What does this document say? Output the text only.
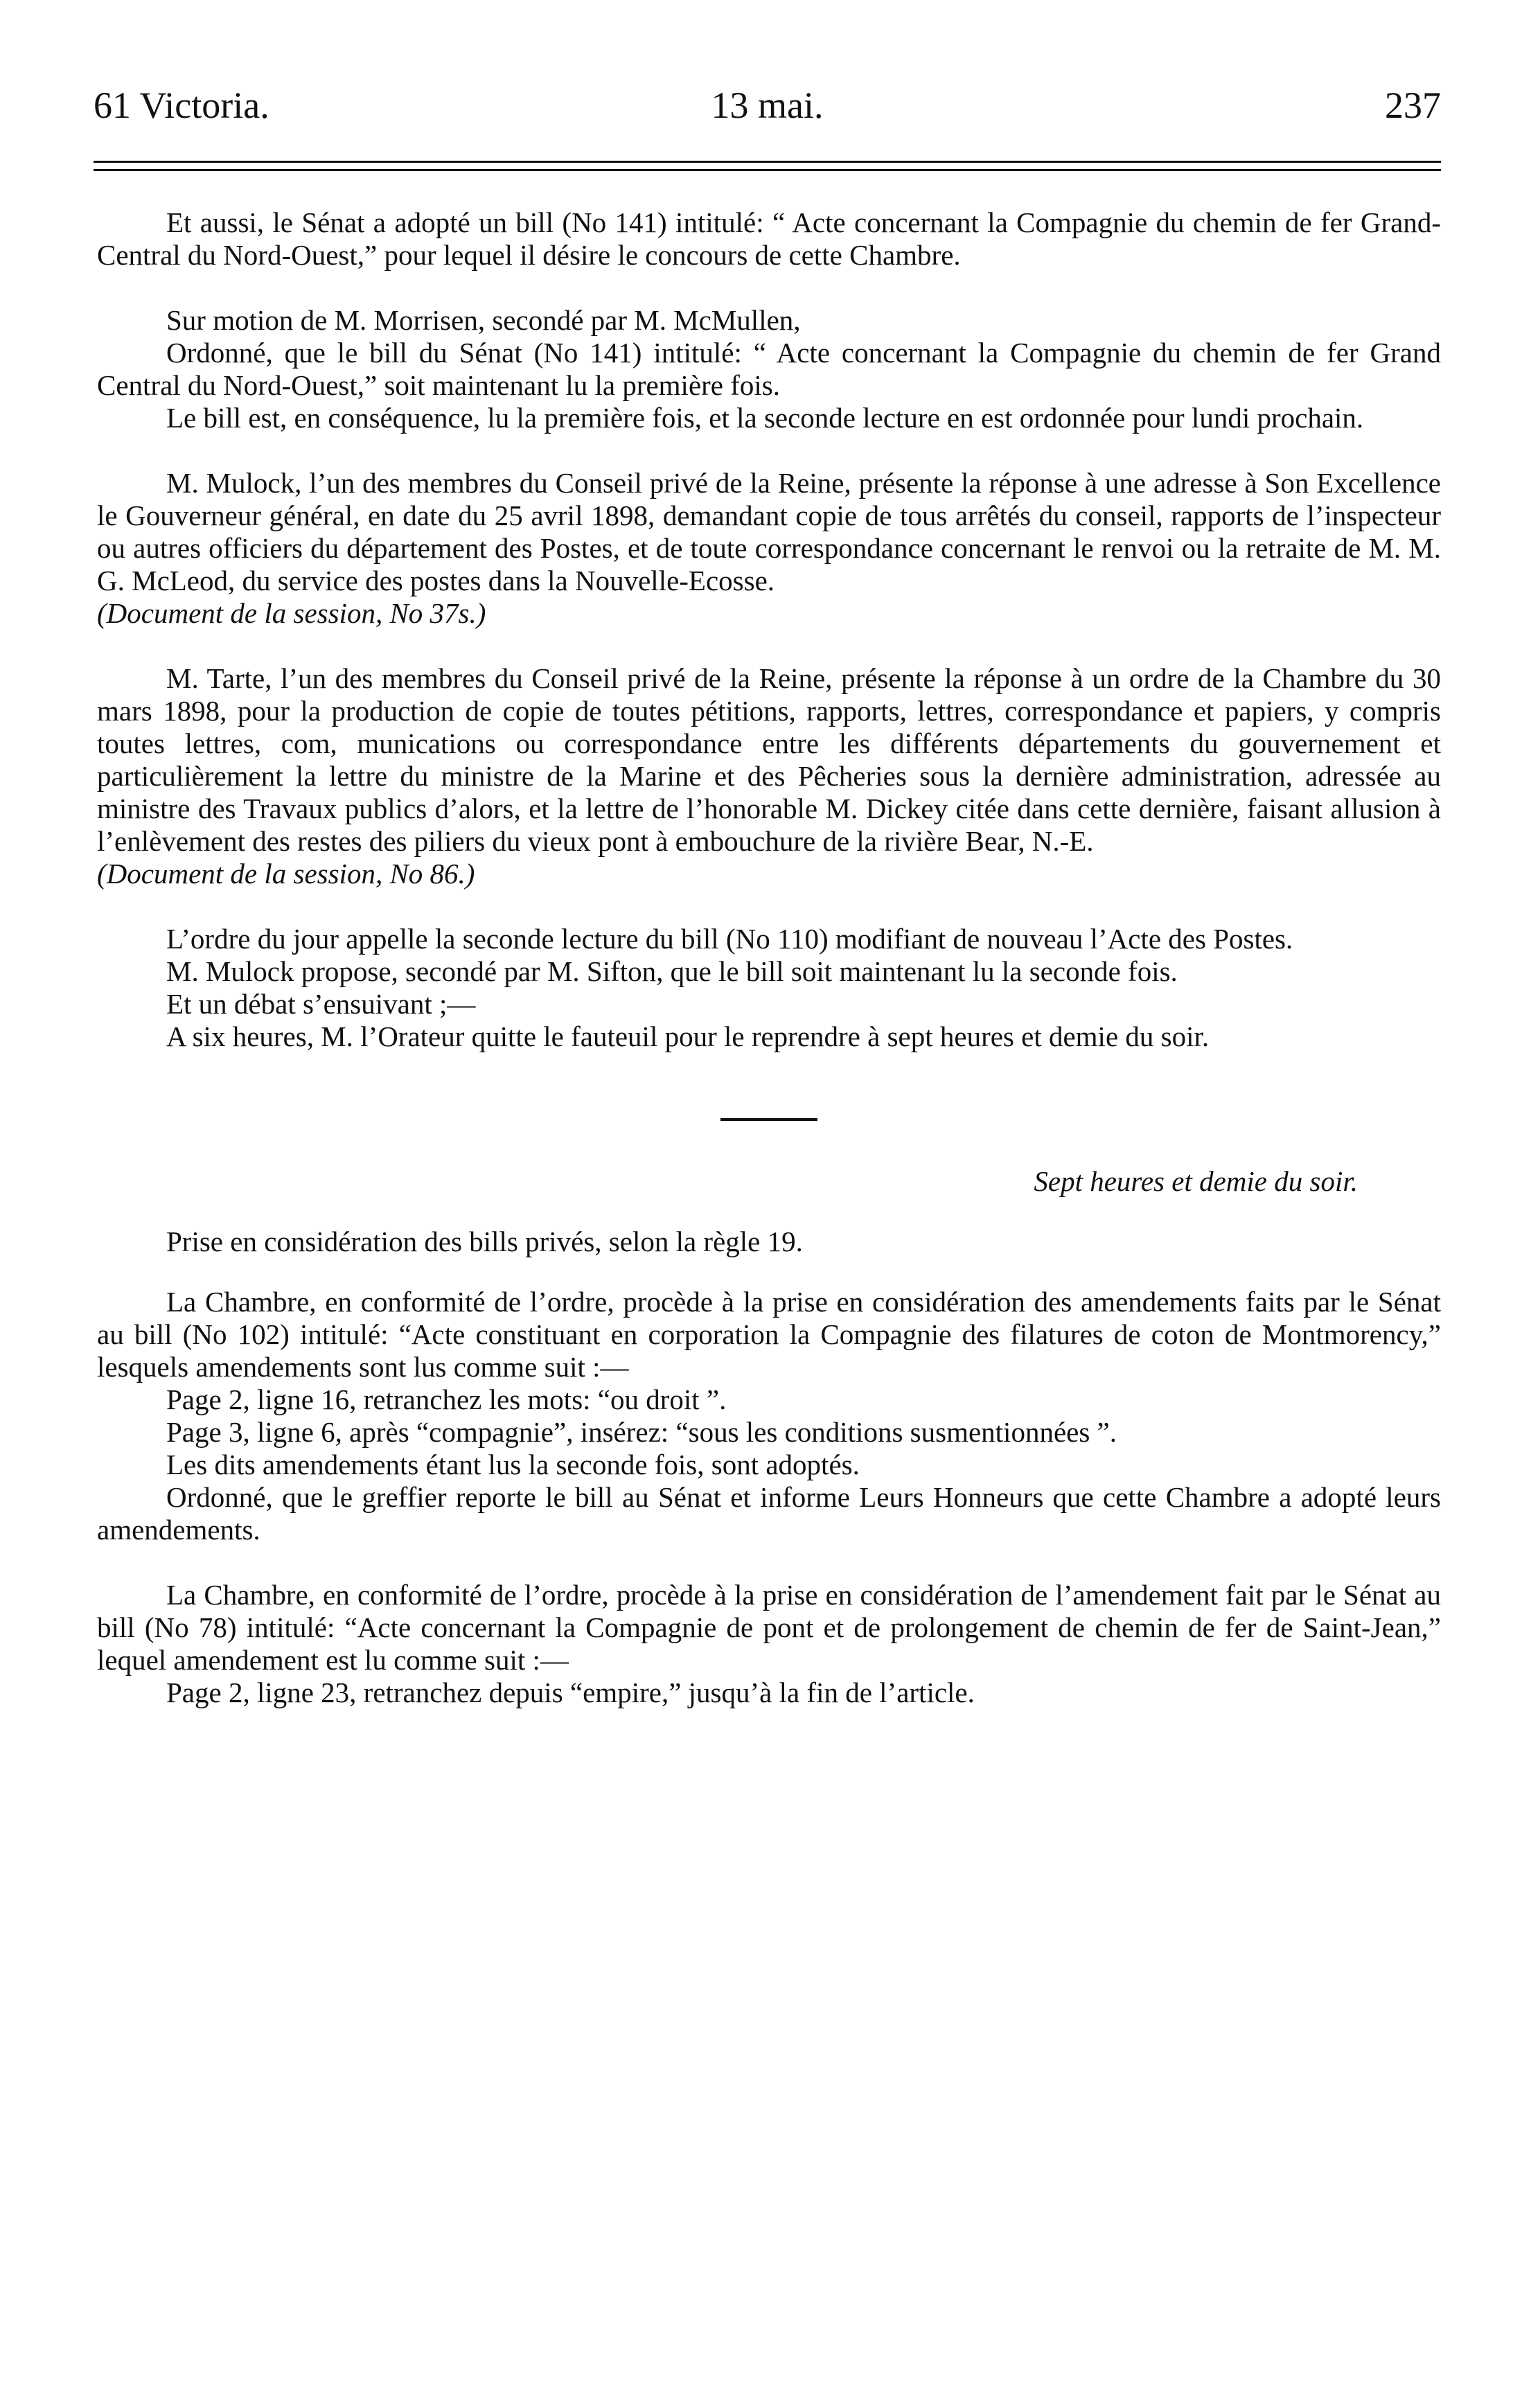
61 Victoria.	13 mai.	237

Et aussi, le Sénat a adopté un bill (No 141) intitulé: “ Acte concernant la Compagnie du chemin de fer Grand-Central du Nord-Ouest,” pour lequel il désire le concours de cette Chambre.

Sur motion de M. Morrisen, secondé par M. McMullen,

Ordonné, que le bill du Sénat (No 141) intitulé: “ Acte concernant la Compagnie du chemin de fer Grand Central du Nord-Ouest,” soit maintenant lu la première fois.

Le bill est, en conséquence, lu la première fois, et la seconde lecture en est ordonnée pour lundi prochain.

M. Mulock, l’un des membres du Conseil privé de la Reine, présente la réponse à une adresse à Son Excellence le Gouverneur général, en date du 25 avril 1898, demandant copie de tous arrêtés du conseil, rapports de l’inspecteur ou autres officiers du département des Postes, et de toute correspondance concernant le renvoi ou la retraite de M. M. G. McLeod, du service des postes dans la Nouvelle-Ecosse.

(Document de la session, No 37s.)

M. Tarte, l’un des membres du Conseil privé de la Reine, présente la réponse à un ordre de la Chambre du 30 mars 1898, pour la production de copie de toutes pétitions, rapports, lettres, correspondance et papiers, y compris toutes lettres, com, munications ou correspondance entre les différents départements du gouvernement et particulièrement la lettre du ministre de la Marine et des Pêcheries sous la dernière administration, adressée au ministre des Travaux publics d’alors, et la lettre de l’honorable M. Dickey citée dans cette dernière, faisant allusion à l’enlèvement des restes des piliers du vieux pont à embouchure de la rivière Bear, N.-E.

(Document de la session, No 86.)

L’ordre du jour appelle la seconde lecture du bill (No 110) modifiant de nouveau l’Acte des Postes.

M. Mulock propose, secondé par M. Sifton, que le bill soit maintenant lu la seconde fois.

Et un débat s’ensuivant ;—

A six heures, M. l’Orateur quitte le fauteuil pour le reprendre à sept heures et demie du soir.

Sept heures et demie du soir.

Prise en considération des bills privés, selon la règle 19.

La Chambre, en conformité de l’ordre, procède à la prise en considération des amendements faits par le Sénat au bill (No 102) intitulé: “Acte constituant en corporation la Compagnie des filatures de coton de Montmorency,” lesquels amendements sont lus comme suit :—

Page 2, ligne 16, retranchez les mots: “ou droit ”.

Page 3, ligne 6, après “compagnie”, insérez: “sous les conditions susmentionnées ”.

Les dits amendements étant lus la seconde fois, sont adoptés.

Ordonné, que le greffier reporte le bill au Sénat et informe Leurs Honneurs que cette Chambre a adopté leurs amendements.

La Chambre, en conformité de l’ordre, procède à la prise en considération de l’amendement fait par le Sénat au bill (No 78) intitulé: “Acte concernant la Compagnie de pont et de prolongement de chemin de fer de Saint-Jean,” lequel amendement est lu comme suit :—

Page 2, ligne 23, retranchez depuis “empire,” jusqu’à la fin de l’article.
